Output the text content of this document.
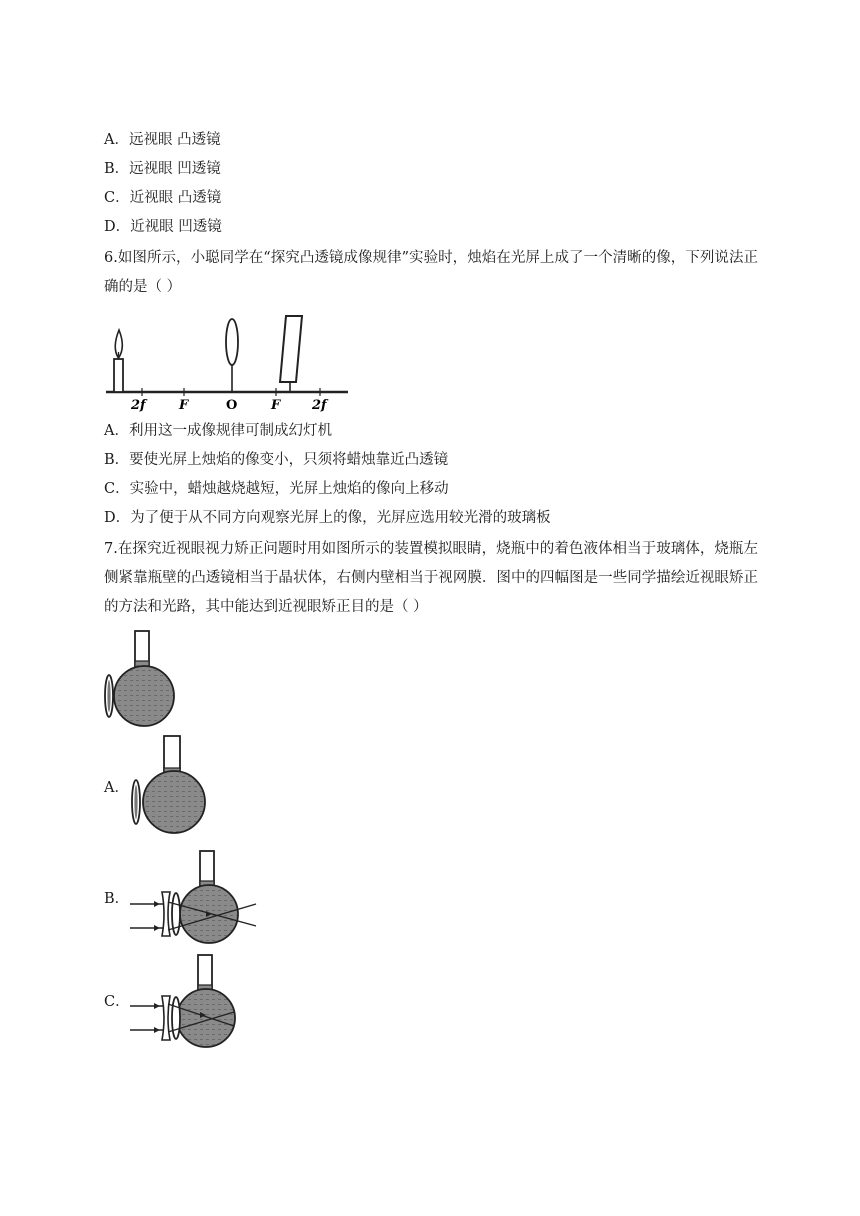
A．远视眼 凸透镜
B．远视眼 凹透镜
C．近视眼 凸透镜
D．近视眼 凹透镜
6.如图所示，小聪同学在“探究凸透镜成像规律”实验时，烛焰在光屏上成了一个清晰的像，下列说法正确的是（ ）
2f	F	O	F 2f
A．利用这一成像规律可制成幻灯机
B．要使光屏上烛焰的像变小，只须将蜡烛靠近凸透镜
C．实验中，蜡烛越烧越短，光屏上烛焰的像向上移动
D．为了便于从不同方向观察光屏上的像，光屏应选用较光滑的玻璃板
7.在探究近视眼视力矫正问题时用如图所示的装置模拟眼睛，烧瓶中的着色液体相当于玻璃体，烧瓶左侧紧靠瓶壁的凸透镜相当于晶状体，右侧内壁相当于视网膜．图中的四幅图是一些同学描绘近视眼矫正的方法和光路，其中能达到近视眼矫正目的是（ ）
A．
B．
C．
